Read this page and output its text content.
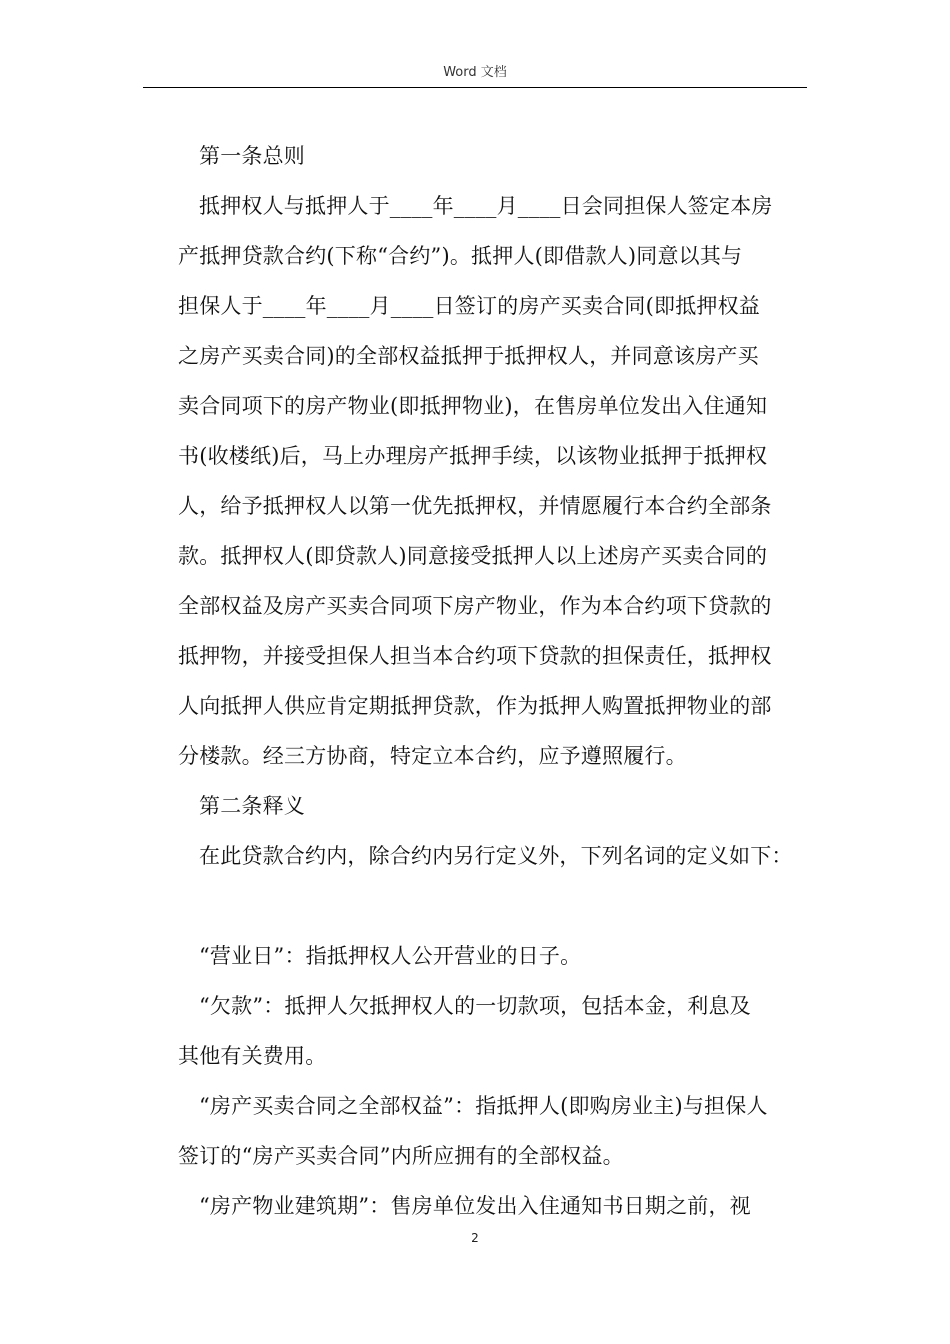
Word 文档

第一条总则

抵押权人与抵押人于____年____月____日会同担保人签定本房

产抵押贷款合约(下称“合约”)。抵押人(即借款人)同意以其与

担保人于____年____月____日签订的房产买卖合同(即抵押权益

之房产买卖合同)的全部权益抵押于抵押权人，并同意该房产买

卖合同项下的房产物业(即抵押物业)，在售房单位发出入住通知

书(收楼纸)后，马上办理房产抵押手续，以该物业抵押于抵押权

人，给予抵押权人以第一优先抵押权，并情愿履行本合约全部条

款。抵押权人(即贷款人)同意接受抵押人以上述房产买卖合同的

全部权益及房产买卖合同项下房产物业，作为本合约项下贷款的

抵押物，并接受担保人担当本合约项下贷款的担保责任，抵押权

人向抵押人供应肯定期抵押贷款，作为抵押人购置抵押物业的部

分楼款。经三方协商，特定立本合约，应予遵照履行。

第二条释义

在此贷款合约内，除合约内另行定义外，下列名词的定义如下：

“营业日”：指抵押权人公开营业的日子。

“欠款”：抵押人欠抵押权人的一切款项，包括本金，利息及

其他有关费用。

“房产买卖合同之全部权益”：指抵押人(即购房业主)与担保人

签订的“房产买卖合同”内所应拥有的全部权益。

“房产物业建筑期”：售房单位发出入住通知书日期之前，视

2
